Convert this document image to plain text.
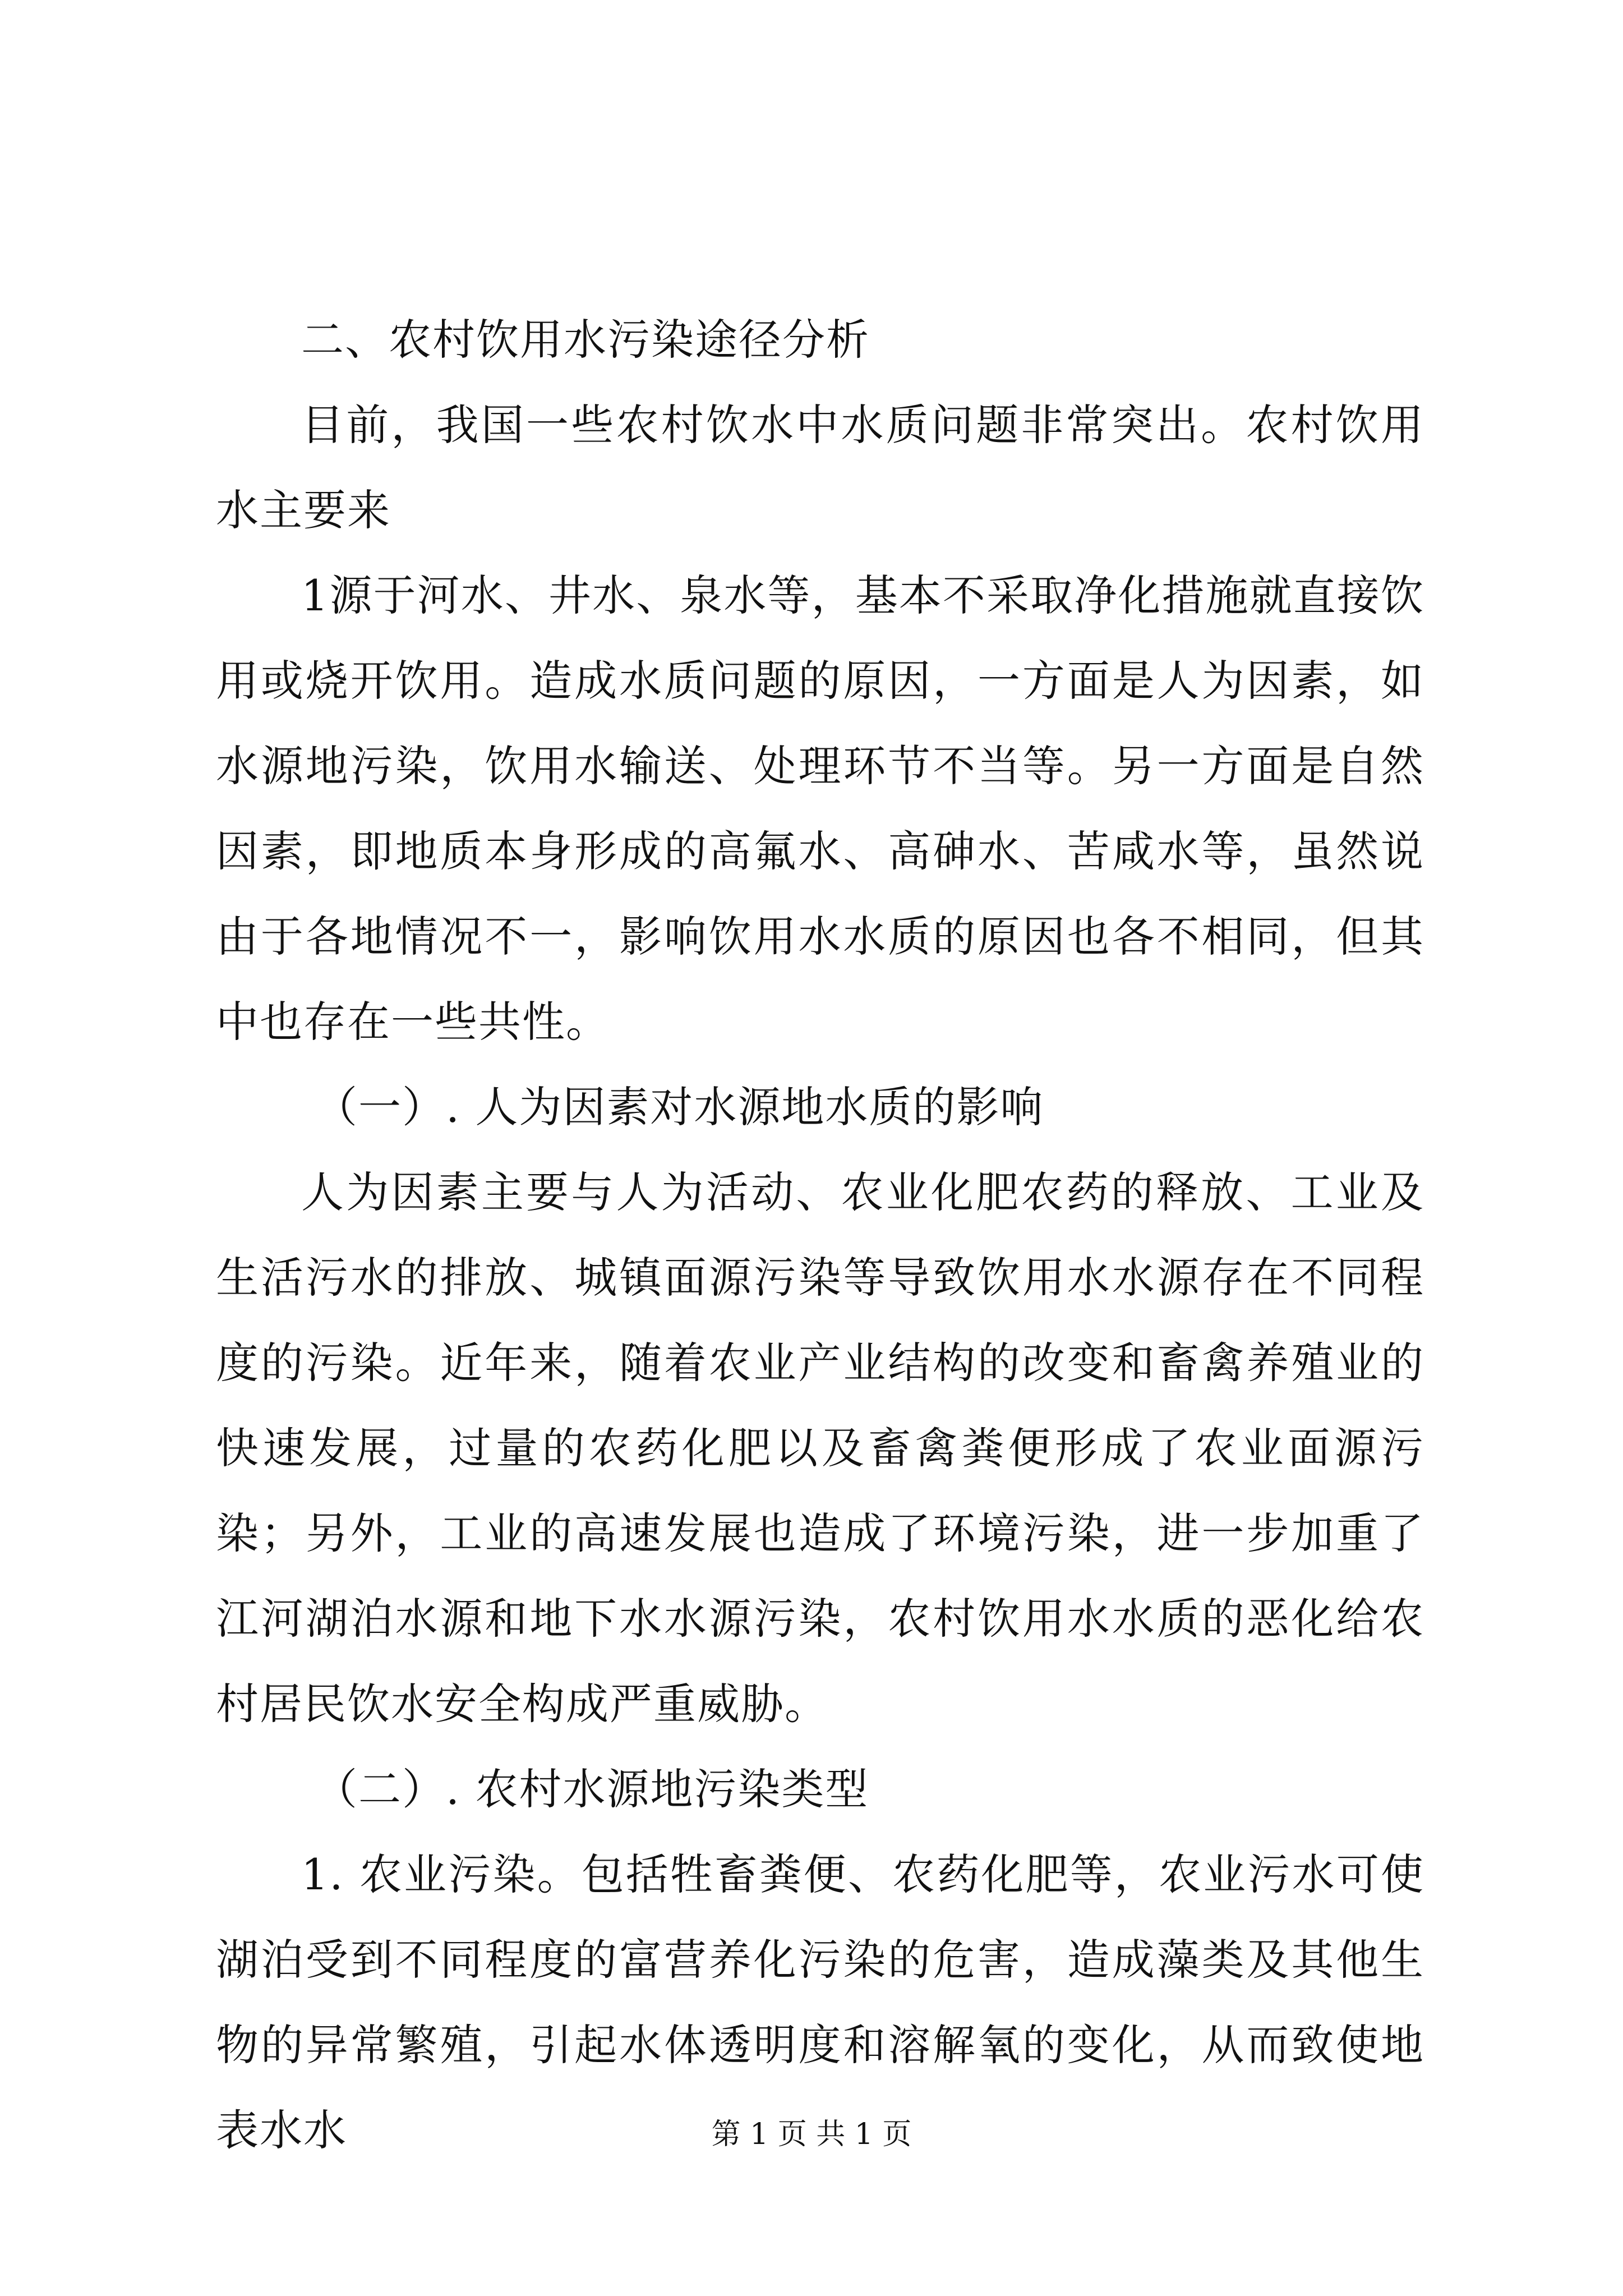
二、农村饮用水污染途径分析

目前，我国一些农村饮水中水质问题非常突出。农村饮用水主要来

1源于河水、井水、泉水等，基本不采取净化措施就直接饮用或烧开饮用。造成水质问题的原因，一方面是人为因素，如水源地污染，饮用水输送、处理环节不当等。另一方面是自然因素，即地质本身形成的高氟水、高砷水、苦咸水等，虽然说由于各地情况不一，影响饮用水水质的原因也各不相同，但其中也存在一些共性。

（一）. 人为因素对水源地水质的影响

人为因素主要与人为活动、农业化肥农药的释放、工业及生活污水的排放、城镇面源污染等导致饮用水水源存在不同程度的污染。近年来，随着农业产业结构的改变和畜禽养殖业的快速发展，过量的农药化肥以及畜禽粪便形成了农业面源污染；另外，工业的高速发展也造成了环境污染，进一步加重了江河湖泊水源和地下水水源污染，农村饮用水水质的恶化给农村居民饮水安全构成严重威胁。

（二）. 农村水源地污染类型

1. 农业污染。包括牲畜粪便、农药化肥等，农业污水可使湖泊受到不同程度的富营养化污染的危害，造成藻类及其他生物的异常繁殖，引起水体透明度和溶解氧的变化，从而致使地表水水	第 1 页 共 1 页
